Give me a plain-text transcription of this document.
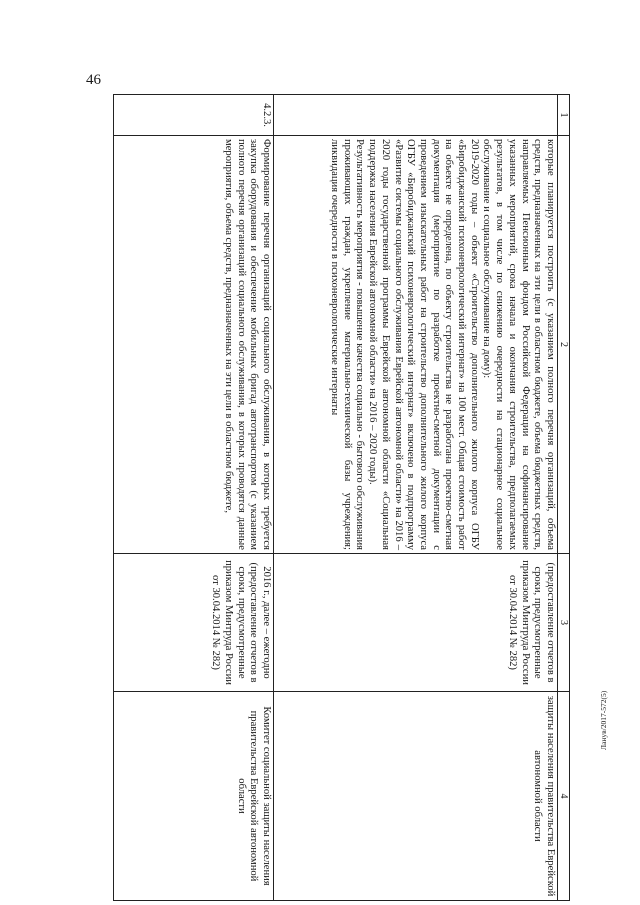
46
Ланув/2017-572(5)
1	2	3	4

	которые планируется построить (с указанием полного перечня организаций, объема средств, предназначенных на эти цели в областном бюджете, объема бюджетных средств, направляемых Пенсионным фондом Российской Федерации на софинансирование указанных мероприятий, срока начала и окончания строительства, предполагаемых результатов, в том числе по снижению очередности на стационарное социальное обслуживание и социальное обслуживание на дому):

2019-2020 годы – объект «Строительство дополнительного жилого корпуса ОГБУ «Биробиджанский психоневрологический интернат» на 100 мест. Общая стоимость работ на объекте не определена, по объекту строительства не разработана проектно-сметная документация (мероприятие по разработке проектно-сметной документации с проведением изыскательных работ на строительство дополнительного жилого корпуса ОГБУ «Биробиджанский психоневрологический интернат» включено в подпрограмму «Развитие системы социального обслуживания Еврейской автономной области» на 2016 – 2020 годы государственной программы Еврейской автономной области «Социальная поддержка населения Еврейской автономной области» на 2016 – 2020 годы).

Результативность мероприятия - повышение качества социально - бытового обслуживания проживающих граждан, укрепление материально-технической базы учреждения; ликвидация очередности в психоневрологические интернаты	(предоставление отчетов в сроки, предусмотренные приказом Минтруда России от 30.04.2014 № 282)	защиты населения правительства Еврейской автономной области
4.2.3.	Формирование перечня организаций социального обслуживания, в которых требуется закупка оборудования и обеспечение мобильных бригад автотранспортом (с указанием полного перечня организаций социального обслуживания, в которых проводятся данные мероприятия, объема средств, предназначенных на эти цели в областном бюджете,	2016 г., далее – ежегодно (предоставление отчетов в сроки, предусмотренные приказом Минтруда России от 30.04.2014 № 282)	Комитет социальной защиты населения правительства Еврейской автономной области
